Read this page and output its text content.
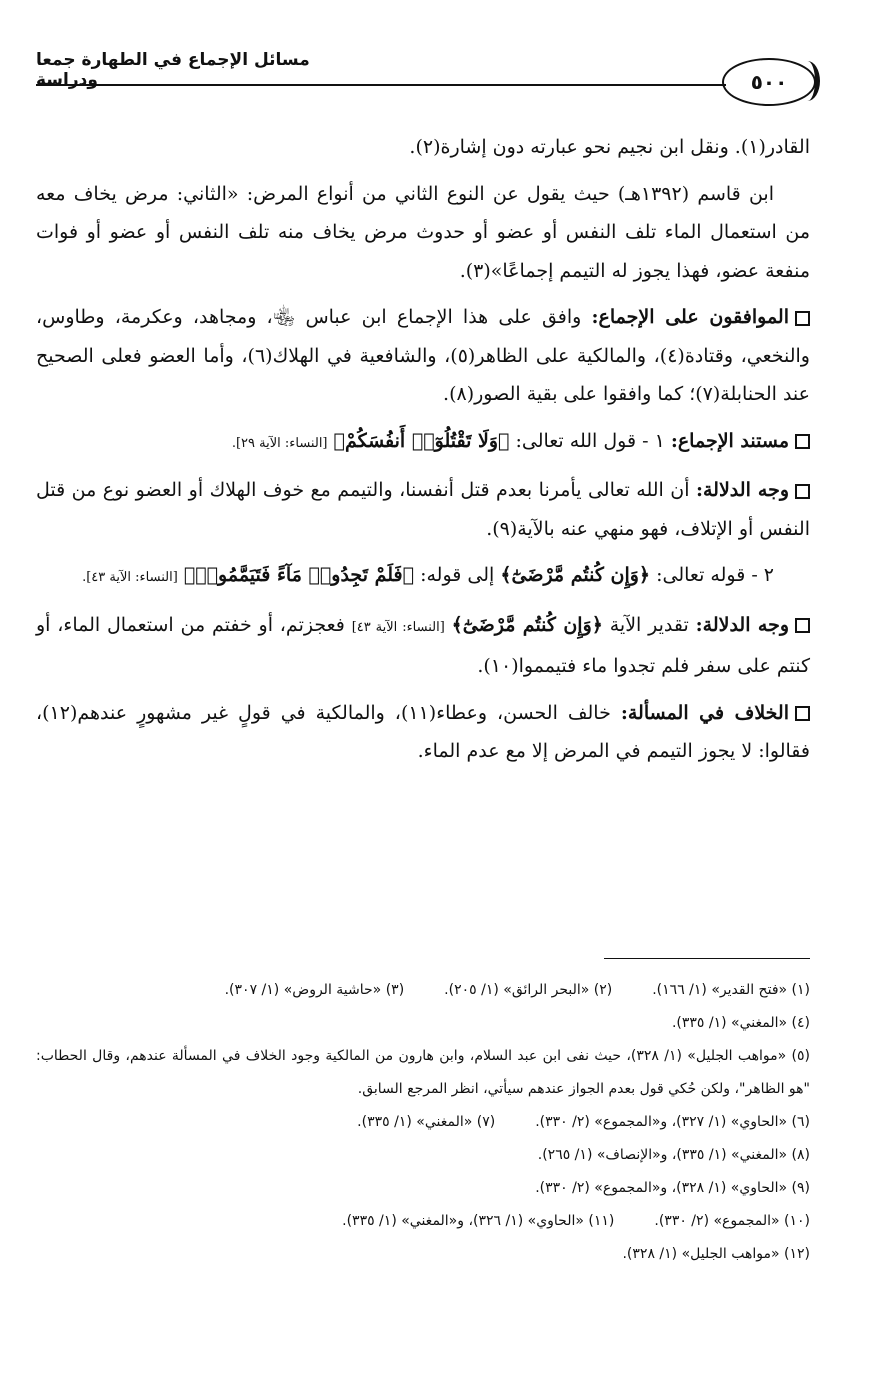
مسائل الإجماع في الطهارة جمعا ودراسة	٥٠٠

القادر(١). ونقل ابن نجيم نحو عبارته دون إشارة(٢).

ابن قاسم (١٣٩٢هـ) حيث يقول عن النوع الثاني من أنواع المرض: «الثاني: مرض يخاف معه من استعمال الماء تلف النفس أو عضو أو حدوث مرض يخاف منه تلف النفس أو عضو أو فوات منفعة عضو، فهذا يجوز له التيمم إجماعًا»(٣).

الموافقون على الإجماع: وافق على هذا الإجماع ابن عباس ﵄، ومجاهد، وعكرمة، وطاوس، والنخعي، وقتادة(٤)، والمالكية على الظاهر(٥)، والشافعية في الهلاك(٦)، وأما العضو فعلى الصحيح عند الحنابلة(٧)؛ كما وافقوا على بقية الصور(٨).

مستند الإجماع: ١ - قول الله تعالى: ﴿وَلَا تَقْتُلُوٓا۟ أَنفُسَكُمْ﴾ [النساء: الآية ٢٩].

وجه الدلالة: أن الله تعالى يأمرنا بعدم قتل أنفسنا، والتيمم مع خوف الهلاك أو العضو نوع من قتل النفس أو الإتلاف، فهو منهي عنه بالآية(٩).

٢ - قوله تعالى: ﴿وَإِن كُنتُم مَّرْضَىٰٓ﴾ إلى قوله: ﴿فَلَمْ تَجِدُوا۟ مَآءً فَتَيَمَّمُوا۟﴾ [النساء: الآية ٤٣].

وجه الدلالة: تقدير الآية ﴿وَإِن كُنتُم مَّرْضَىٰٓ﴾ [النساء: الآية ٤٣] فعجزتم، أو خفتم من استعمال الماء، أو كنتم على سفر فلم تجدوا ماء فتيمموا(١٠).

الخلاف في المسألة: خالف الحسن، وعطاء(١١)، والمالكية في قولٍ غير مشهورٍ عندهم(١٢)، فقالوا: لا يجوز التيمم في المرض إلا مع عدم الماء.

(١) «فتح القدير» (١/ ١٦٦).
(٢) «البحر الرائق» (١/ ٢٠٥).
(٣) «حاشية الروض» (١/ ٣٠٧).
(٤) «المغني» (١/ ٣٣٥).
(٥) «مواهب الجليل» (١/ ٣٢٨)، حيث نفى ابن عبد السلام، وابن هارون من المالكية وجود الخلاف في المسألة عندهم، وقال الحطاب: "هو الظاهر"، ولكن حُكي قول بعدم الجواز عندهم سيأتي، انظر المرجع السابق.
(٦) «الحاوي» (١/ ٣٢٧)، و«المجموع» (٢/ ٣٣٠).
(٧) «المغني» (١/ ٣٣٥).
(٨) «المغني» (١/ ٣٣٥)، و«الإنصاف» (١/ ٢٦٥).
(٩) «الحاوي» (١/ ٣٢٨)، و«المجموع» (٢/ ٣٣٠).
(١٠) «المجموع» (٢/ ٣٣٠).
(١١) «الحاوي» (١/ ٣٢٦)، و«المغني» (١/ ٣٣٥).
(١٢) «مواهب الجليل» (١/ ٣٢٨).
